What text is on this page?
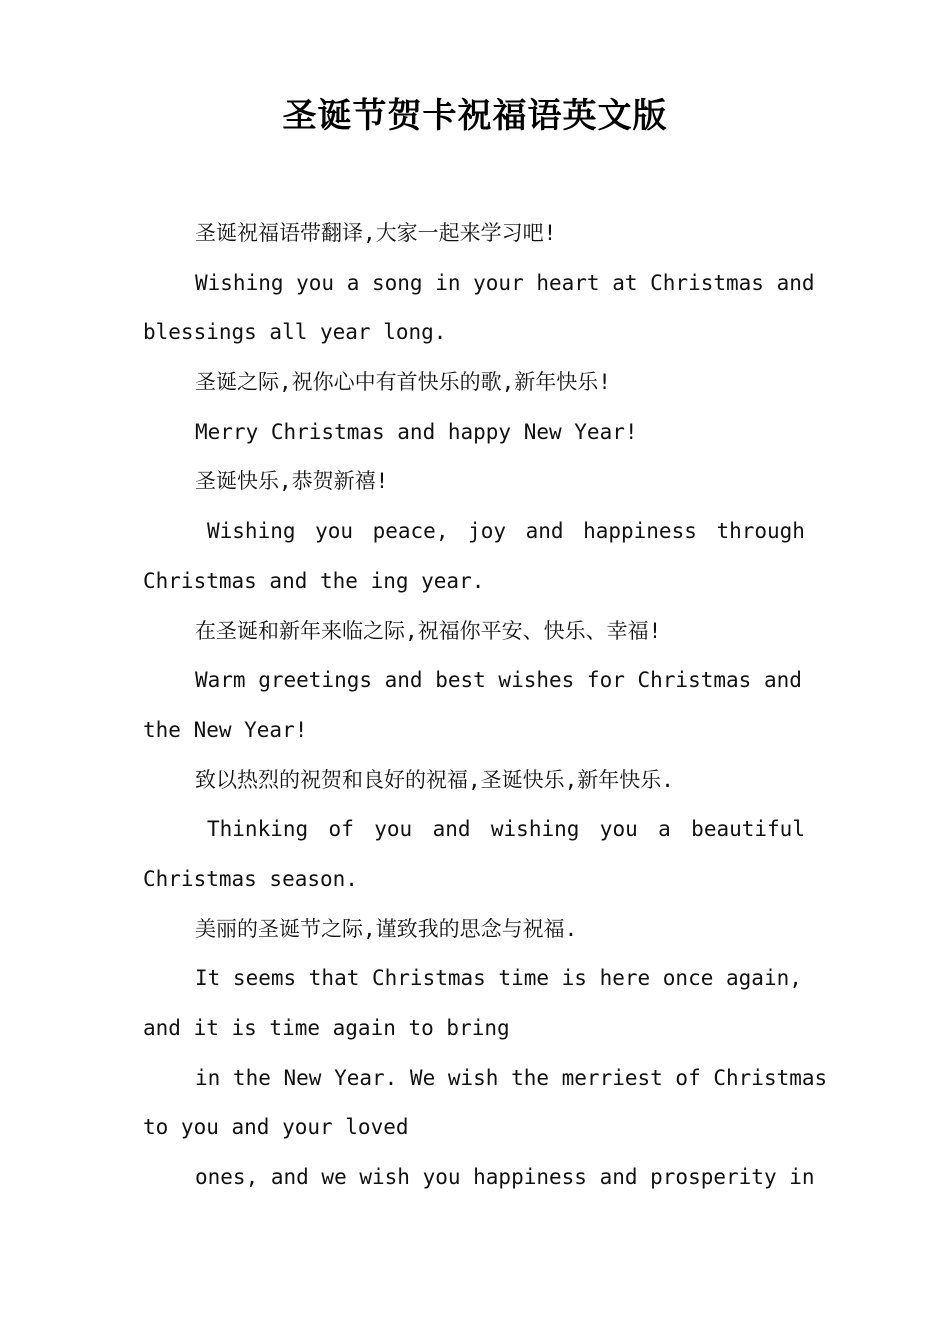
圣诞节贺卡祝福语英文版
圣诞祝福语带翻译,大家一起来学习吧!
Wishing you a song in your heart at Christmas and
blessings all year long.
圣诞之际,祝你心中有首快乐的歌,新年快乐!
Merry Christmas and happy New Year!
圣诞快乐,恭贺新禧!
Wishing you peace, joy and happiness through
Christmas and the ing year.
在圣诞和新年来临之际,祝福你平安、快乐、幸福!
Warm greetings and best wishes for Christmas and
the New Year!
致以热烈的祝贺和良好的祝福,圣诞快乐,新年快乐.
Thinking of you and wishing you a beautiful
Christmas season.
美丽的圣诞节之际,谨致我的思念与祝福.
It seems that Christmas time is here once again,
and it is time again to bring
in the New Year. We wish the merriest of Christmas
to you and your loved
ones, and we wish you happiness and prosperity in
